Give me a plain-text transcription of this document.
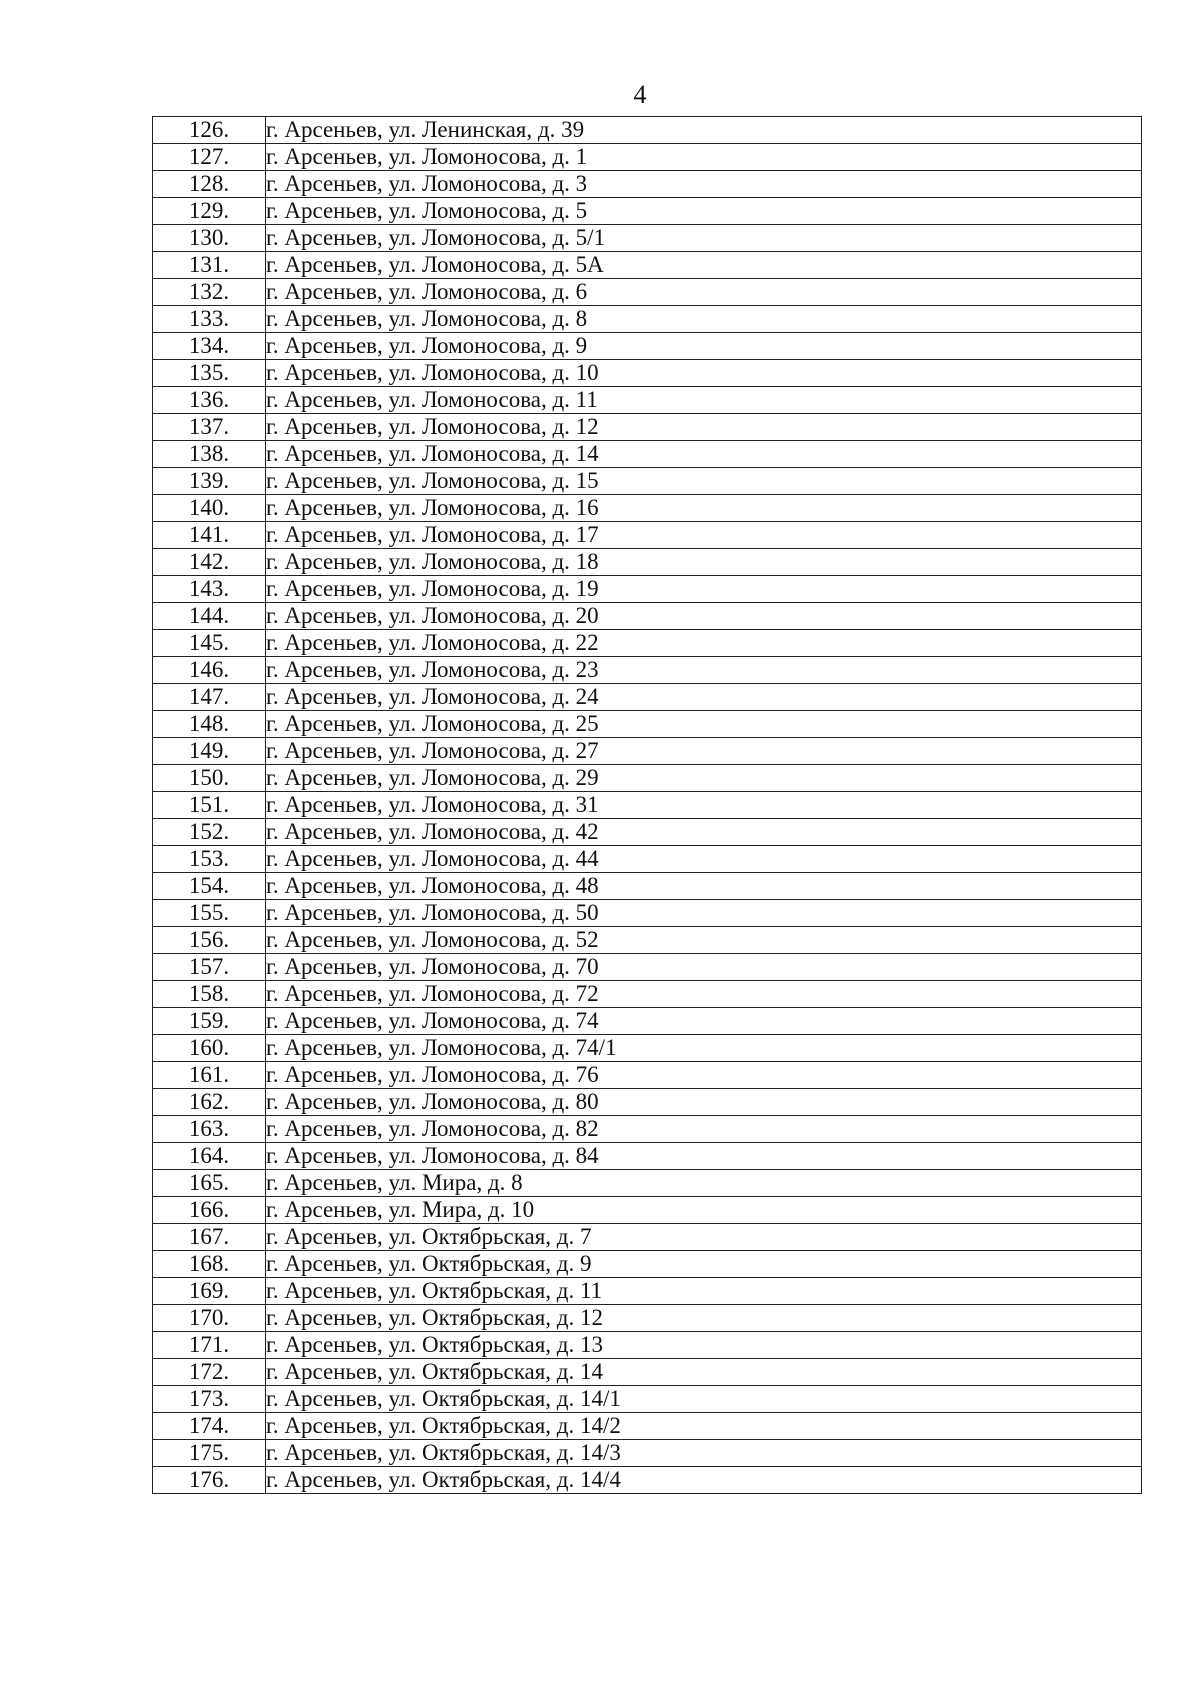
4
126.	г. Арсеньев, ул. Ленинская, д. 39
127.	г. Арсеньев, ул. Ломоносова, д. 1
128.	г. Арсеньев, ул. Ломоносова, д. 3
129.	г. Арсеньев, ул. Ломоносова, д. 5
130.	г. Арсеньев, ул. Ломоносова, д. 5/1
131.	г. Арсеньев, ул. Ломоносова, д. 5А
132.	г. Арсеньев, ул. Ломоносова, д. 6
133.	г. Арсеньев, ул. Ломоносова, д. 8
134.	г. Арсеньев, ул. Ломоносова, д. 9
135.	г. Арсеньев, ул. Ломоносова, д. 10
136.	г. Арсеньев, ул. Ломоносова, д. 11
137.	г. Арсеньев, ул. Ломоносова, д. 12
138.	г. Арсеньев, ул. Ломоносова, д. 14
139.	г. Арсеньев, ул. Ломоносова, д. 15
140.	г. Арсеньев, ул. Ломоносова, д. 16
141.	г. Арсеньев, ул. Ломоносова, д. 17
142.	г. Арсеньев, ул. Ломоносова, д. 18
143.	г. Арсеньев, ул. Ломоносова, д. 19
144.	г. Арсеньев, ул. Ломоносова, д. 20
145.	г. Арсеньев, ул. Ломоносова, д. 22
146.	г. Арсеньев, ул. Ломоносова, д. 23
147.	г. Арсеньев, ул. Ломоносова, д. 24
148.	г. Арсеньев, ул. Ломоносова, д. 25
149.	г. Арсеньев, ул. Ломоносова, д. 27
150.	г. Арсеньев, ул. Ломоносова, д. 29
151.	г. Арсеньев, ул. Ломоносова, д. 31
152.	г. Арсеньев, ул. Ломоносова, д. 42
153.	г. Арсеньев, ул. Ломоносова, д. 44
154.	г. Арсеньев, ул. Ломоносова, д. 48
155.	г. Арсеньев, ул. Ломоносова, д. 50
156.	г. Арсеньев, ул. Ломоносова, д. 52
157.	г. Арсеньев, ул. Ломоносова, д. 70
158.	г. Арсеньев, ул. Ломоносова, д. 72
159.	г. Арсеньев, ул. Ломоносова, д. 74
160.	г. Арсеньев, ул. Ломоносова, д. 74/1
161.	г. Арсеньев, ул. Ломоносова, д. 76
162.	г. Арсеньев, ул. Ломоносова, д. 80
163.	г. Арсеньев, ул. Ломоносова, д. 82
164.	г. Арсеньев, ул. Ломоносова, д. 84
165.	г. Арсеньев, ул. Мира, д. 8
166.	г. Арсеньев, ул. Мира, д. 10
167.	г. Арсеньев, ул. Октябрьская, д. 7
168.	г. Арсеньев, ул. Октябрьская, д. 9
169.	г. Арсеньев, ул. Октябрьская, д. 11
170.	г. Арсеньев, ул. Октябрьская, д. 12
171.	г. Арсеньев, ул. Октябрьская, д. 13
172.	г. Арсеньев, ул. Октябрьская, д. 14
173.	г. Арсеньев, ул. Октябрьская, д. 14/1
174.	г. Арсеньев, ул. Октябрьская, д. 14/2
175.	г. Арсеньев, ул. Октябрьская, д. 14/3
176.	г. Арсеньев, ул. Октябрьская, д. 14/4
